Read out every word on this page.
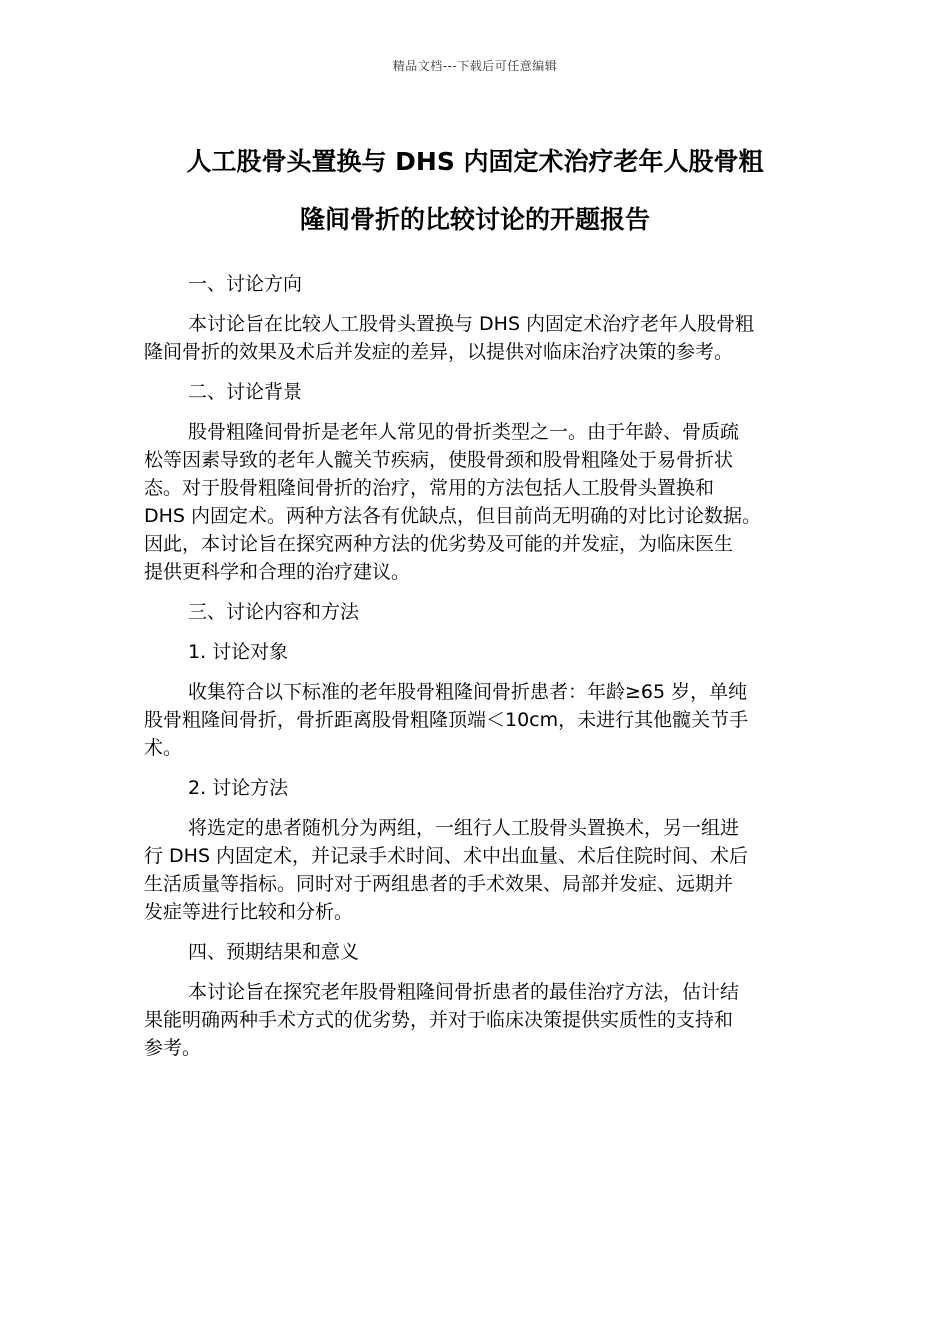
精品文档---下载后可任意编辑
人工股骨头置换与 DHS 内固定术治疗老年人股骨粗
隆间骨折的比较讨论的开题报告
一、讨论方向
本讨论旨在比较人工股骨头置换与 DHS 内固定术治疗老年人股骨粗
隆间骨折的效果及术后并发症的差异，以提供对临床治疗决策的参考。
二、讨论背景
股骨粗隆间骨折是老年人常见的骨折类型之一。由于年龄、骨质疏
松等因素导致的老年人髋关节疾病，使股骨颈和股骨粗隆处于易骨折状
态。对于股骨粗隆间骨折的治疗，常用的方法包括人工股骨头置换和
DHS 内固定术。两种方法各有优缺点，但目前尚无明确的对比讨论数据。
因此，本讨论旨在探究两种方法的优劣势及可能的并发症，为临床医生
提供更科学和合理的治疗建议。
三、讨论内容和方法
1. 讨论对象
收集符合以下标准的老年股骨粗隆间骨折患者：年龄≥65 岁，单纯
股骨粗隆间骨折，骨折距离股骨粗隆顶端＜10cm，未进行其他髋关节手
术。
2. 讨论方法
将选定的患者随机分为两组，一组行人工股骨头置换术，另一组进
行 DHS 内固定术，并记录手术时间、术中出血量、术后住院时间、术后
生活质量等指标。同时对于两组患者的手术效果、局部并发症、远期并
发症等进行比较和分析。
四、预期结果和意义
本讨论旨在探究老年股骨粗隆间骨折患者的最佳治疗方法，估计结
果能明确两种手术方式的优劣势，并对于临床决策提供实质性的支持和
参考。
